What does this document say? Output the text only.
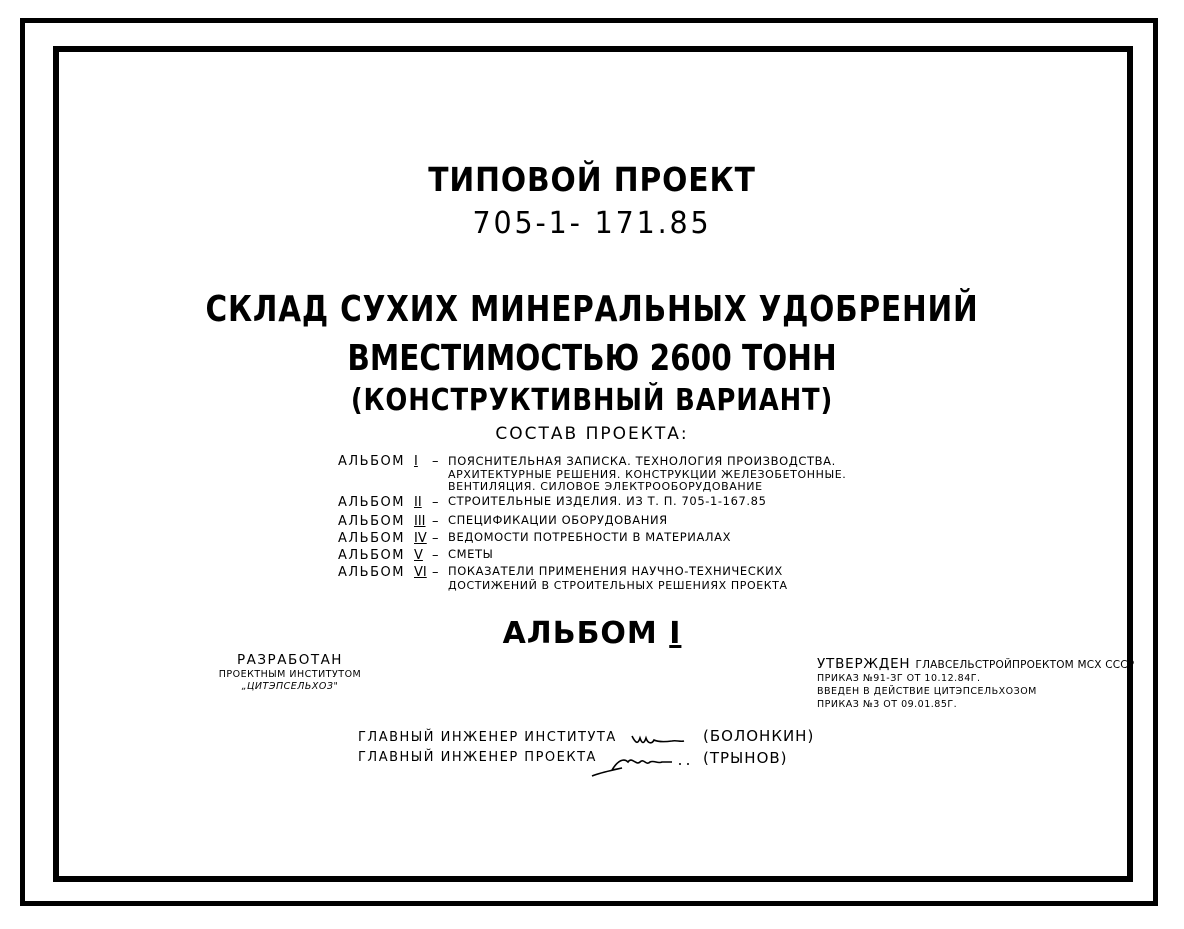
ТИПОВОЙ ПРОЕКТ
705-1- 171.85
СКЛАД СУХИХ МИНЕРАЛЬНЫХ УДОБРЕНИЙ
ВМЕСТИМОСТЬЮ 2600 ТОНН
(КОНСТРУКТИВНЫЙ ВАРИАНТ)
СОСТАВ ПРОЕКТА:
АЛЬБОМ I	– ПОЯСНИТЕЛЬНАЯ ЗАПИСКА. ТЕХНОЛОГИЯ ПРОИЗВОДСТВА.
АРХИТЕКТУРНЫЕ РЕШЕНИЯ. КОНСТРУКЦИИ ЖЕЛЕЗОБЕТОННЫЕ.
ВЕНТИЛЯЦИЯ. СИЛОВОЕ ЭЛЕКТРООБОРУДОВАНИЕ
АЛЬБОМ II – СТРОИТЕЛЬНЫЕ ИЗДЕЛИЯ. ИЗ Т. П. 705-1-167.85
АЛЬБОМ III – СПЕЦИФИКАЦИИ ОБОРУДОВАНИЯ
АЛЬБОМ IV – ВЕДОМОСТИ ПОТРЕБНОСТИ В МАТЕРИАЛАХ
АЛЬБОМ V – СМЕТЫ
АЛЬБОМ VI – ПОКАЗАТЕЛИ ПРИМЕНЕНИЯ НАУЧНО-ТЕХНИЧЕСКИХ
ДОСТИЖЕНИЙ В СТРОИТЕЛЬНЫХ РЕШЕНИЯХ ПРОЕКТА
АЛЬБОМ I
РАЗРАБОТАН
ПРОЕКТНЫМ ИНСТИТУТОМ
„ЦИТЭПСЕЛЬХОЗ"
УТВЕРЖДЕН ГЛАВСЕЛЬСТРОЙПРОЕКТОМ МСХ СССР
ПРИКАЗ №91-ЗГ ОТ 10.12.84Г.
ВВЕДЕН В ДЕЙСТВИЕ ЦИТЭПСЕЛЬХОЗОМ
ПРИКАЗ №3 ОТ 09.01.85Г.
ГЛАВНЫЙ ИНЖЕНЕР ИНСТИТУТА
ГЛАВНЫЙ ИНЖЕНЕР ПРОЕКТА
(БОЛОНКИН)
(ТРЫНОВ)
